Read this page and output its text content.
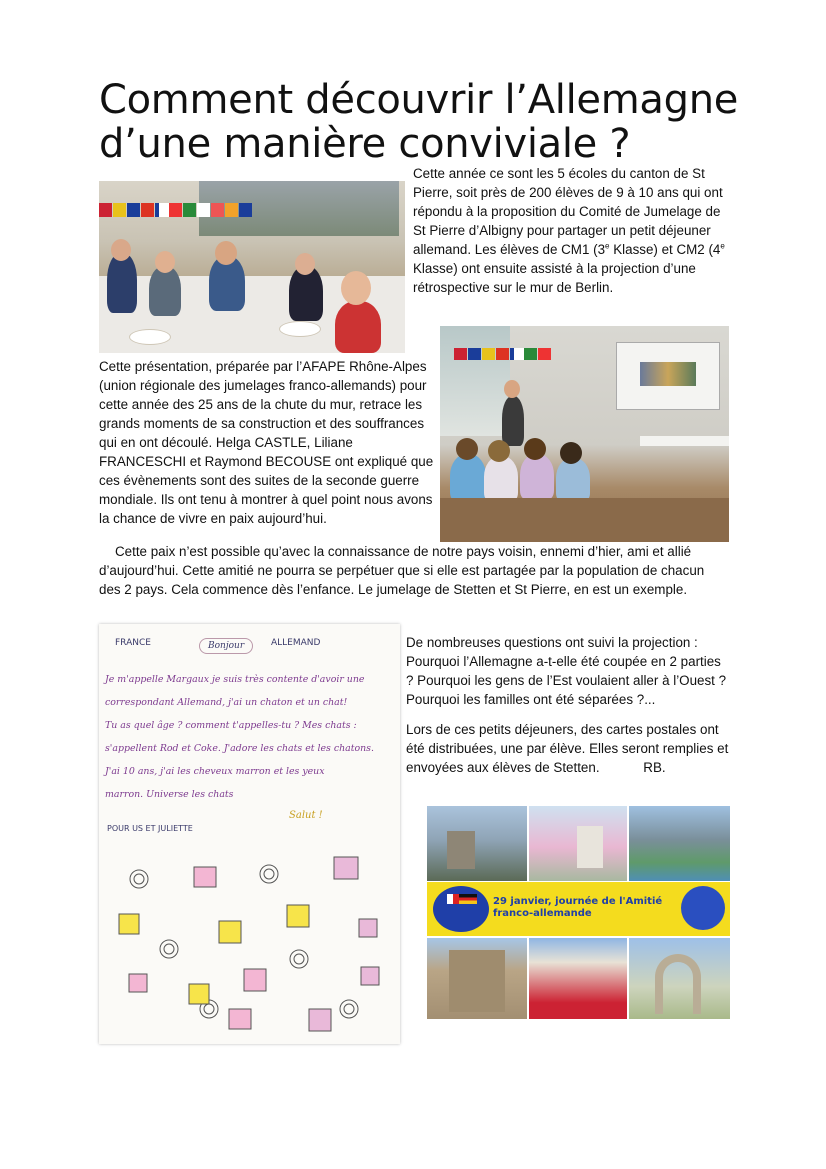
Comment découvrir l’Allemagne d’une manière conviviale ?

Cette année ce sont les 5 écoles du canton de St Pierre, soit près de 200 élèves de 9 à 10 ans qui ont répondu à la proposition du Comité de Jumelage de St Pierre d’Albigny pour partager un petit déjeuner allemand. Les élèves de CM1 (3e Klasse) et CM2 (4e Klasse) ont ensuite assisté à la projection d’une rétrospective sur le mur de Berlin.

Cette présentation, préparée par l’AFAPE Rhône-Alpes (union régionale des jumelages franco-allemands) pour cette année des 25 ans de la chute du mur, retrace les grands moments de sa construction et des souffrances qui en ont découlé. Helga CASTLE, Liliane FRANCESCHI et Raymond BECOUSE ont expliqué que ces évènements sont des suites de la seconde guerre mondiale. Ils ont tenu à montrer à quel point nous avons la chance de vivre en paix aujourd’hui.

Cette paix n’est possible qu’avec la connaissance de notre pays voisin, ennemi d’hier, ami et allié d’aujourd’hui. Cette amitié ne pourra se perpétuer que si elle est partagée par la population de chacun des 2 pays. Cela commence dès l’enfance. Le jumelage de Stetten et St Pierre, en est un exemple.

FRANCE	Bonjour	ALLEMAND
Je m'appelle Margaux je suis très contente d'avoir une
correspondant Allemand, j'ai un chaton et un chat!
Tu as quel âge ? comment t'appelles-tu ? Mes chats :
s'appellent Rod et Coke. J'adore les chats et les chatons.
J'ai 10 ans, j'ai les cheveux marron et les yeux
marron. Universe les chats
Salut !
POUR US ET JULIETTE

De nombreuses questions ont suivi la projection : Pourquoi l’Allemagne a-t-elle été coupée en 2 parties ? Pourquoi les gens de l’Est voulaient aller à l’Ouest ? Pourquoi les familles ont été séparées ?...

Lors de ces petits déjeuners, des cartes postales ont été distribuées, une par élève. Elles seront remplies et envoyées aux élèves de Stetten.	RB.

29 janvier, journée de l'Amitié franco-allemande
